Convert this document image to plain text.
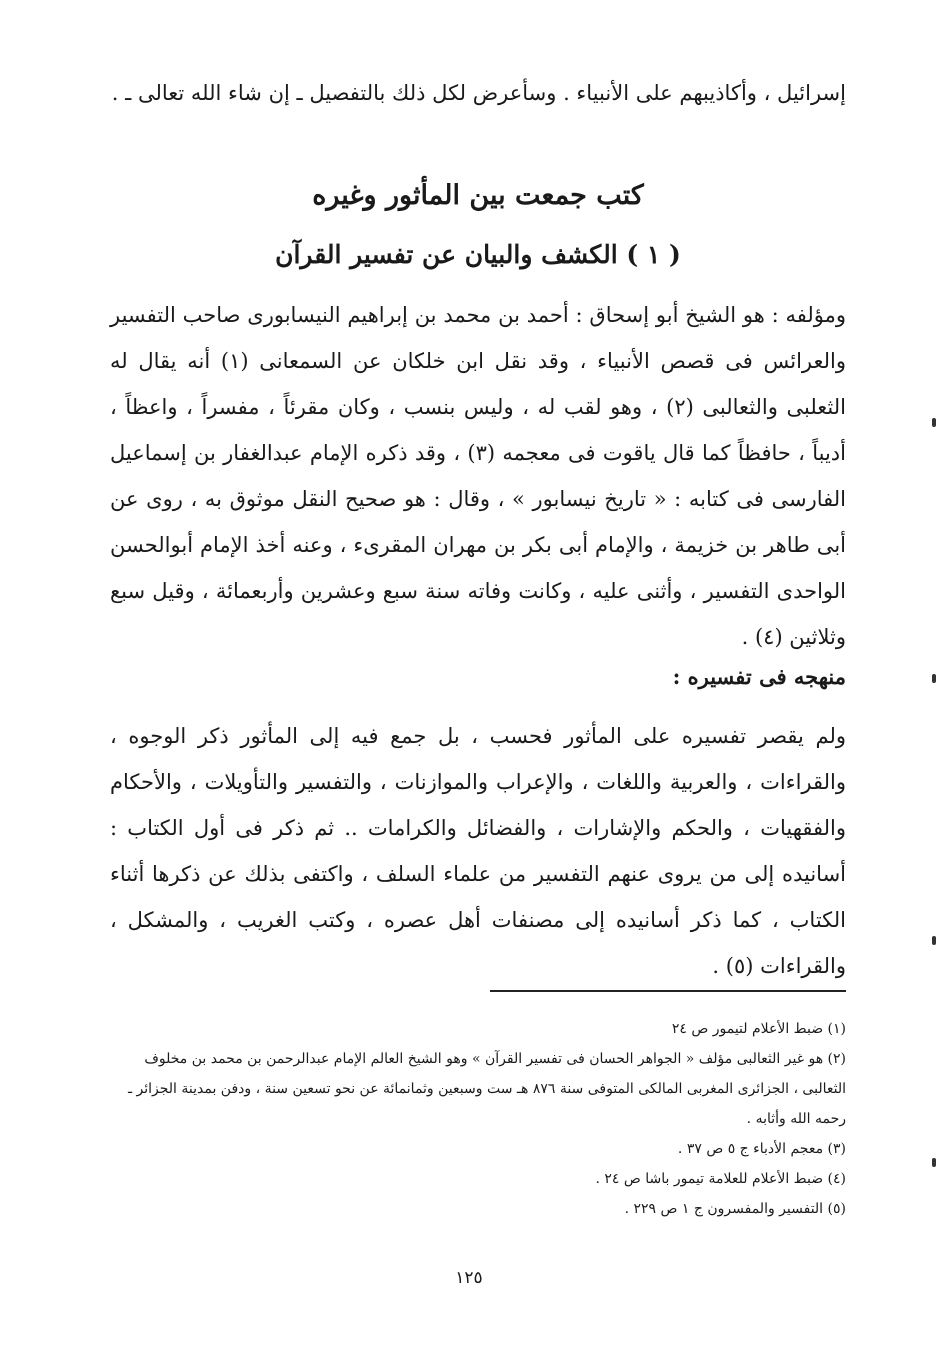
إسرائيل ، وأكاذيبهم على الأنبياء . وسأعرض لكل ذلك بالتفصيل ـ إن شاء الله تعالى ـ .

كتب جمعت بين المأثور وغيره
( ١ ) الكشف والبيان عن تفسير القرآن

ومؤلفه : هو الشيخ أبو إسحاق : أحمد بن محمد بن إبراهيم النيسابورى صاحب التفسير والعرائس فى قصص الأنبياء ، وقد نقل ابن خلكان عن السمعانى (١) أنه يقال له الثعلبى والثعالبى (٢) ، وهو لقب له ، وليس بنسب ، وكان مقرئاً ، مفسراً ، واعظاً ، أديباً ، حافظاً كما قال ياقوت فى معجمه (٣) ، وقد ذكره الإمام عبدالغفار بن إسماعيل الفارسى فى كتابه : « تاريخ نيسابور » ، وقال : هو صحيح النقل موثوق به ، روى عن أبى طاهر بن خزيمة ، والإمام أبى بكر بن مهران المقرىء ، وعنه أخذ الإمام أبوالحسن الواحدى التفسير ، وأثنى عليه ، وكانت وفاته سنة سبع وعشرين وأربعمائة ، وقيل سبع وثلاثين (٤) .

منهجه فى تفسيره :

ولم يقصر تفسيره على المأثور فحسب ، بل جمع فيه إلى المأثور ذكر الوجوه ، والقراءات ، والعربية واللغات ، والإعراب والموازنات ، والتفسير والتأويلات ، والأحكام والفقهيات ، والحكم والإشارات ، والفضائل والكرامات .. ثم ذكر فى أول الكتاب : أسانيده إلى من يروى عنهم التفسير من علماء السلف ، واكتفى بذلك عن ذكرها أثناء الكتاب ، كما ذكر أسانيده إلى مصنفات أهل عصره ، وكتب الغريب ، والمشكل ، والقراءات (٥) .

(١) ضبط الأعلام لتيمور ص ٢٤
(٢) هو غير الثعالبى مؤلف « الجواهر الحسان فى تفسير القرآن » وهو الشيخ العالم الإمام عبدالرحمن بن محمد بن مخلوف الثعالبى ، الجزائرى المغربى المالكى المتوفى سنة ٨٧٦ هـ ست وسبعين وثمانمائة عن نحو تسعين سنة ، ودفن بمدينة الجزائر ـ رحمه الله وأثابه .
(٣) معجم الأدباء ج ٥ ص ٣٧ .
(٤) ضبط الأعلام للعلامة تيمور باشا ص ٢٤ .
(٥) التفسير والمفسرون ج ١ ص ٢٢٩ .

١٢٥
